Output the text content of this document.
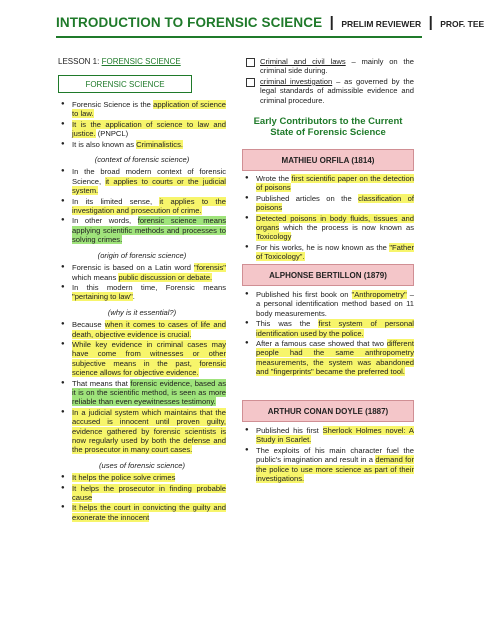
INTRODUCTION TO FORENSIC SCIENCE | PRELIM REVIEWER | PROF. TEE
LESSON 1: FORENSIC SCIENCE
FORENSIC SCIENCE
● Forensic Science is the application of science to law.
● It is the application of science to law and justice. (PNPCL)
● It is also known as Criminalistics.
(context of forensic science)
● In the broad modern context of forensic Science, it applies to courts or the judicial system.
● In its limited sense, it applies to the investigation and prosecution of crime.
● In other words, forensic science means applying scientific methods and processes to solving crimes.
(origin of forensic science)
● Forensic is based on a Latin word "forensis" which means public discussion or debate.
● In this modern time, Forensic means "pertaining to law".
(why is it essential?)
● Because when it comes to cases of life and death, objective evidence is crucial.
● While key evidence in criminal cases may have come from witnesses or other subjective means in the past, forensic science allows for objective evidence.
● That means that forensic evidence, based as it is on the scientific method, is seen as more reliable than even eyewitnesses testimony.
● In a judicial system which maintains that the accused is innocent until proven guilty, evidence gathered by forensic scientists is now regularly used by both the defense and the prosecutor in many court cases.
(uses of forensic science)
● It helps the police solve crimes
● It helps the prosecutor in finding probable cause
● It helps the court in convicting the guilty and exonerate the innocent
Criminal and civil laws – mainly on the criminal side during.
criminal investigation – as governed by the legal standards of admissible evidence and criminal procedure.
Early Contributors to the Current State of Forensic Science
MATHIEU ORFILA (1814)
● Wrote the first scientific paper on the detection of poisons
● Published articles on the classification of poisons
● Detected poisons in body fluids, tissues and organs which the process is now known as Toxicology
● For his works, he is now known as the "Father of Toxicology".
ALPHONSE BERTILLON (1879)
● Published his first book on "Anthropometry" – a personal identification method based on 11 body measurements.
● This was the first system of personal identification used by the police.
● After a famous case showed that two different people had the same anthropometry measurements, the system was abandoned and "fingerprints" became the preferred tool.
ARTHUR CONAN DOYLE (1887)
● Published his first Sherlock Holmes novel: A Study in Scarlet.
● The exploits of his main character fuel the public's imagination and result in a demand for the police to use more science as part of their investigations.
